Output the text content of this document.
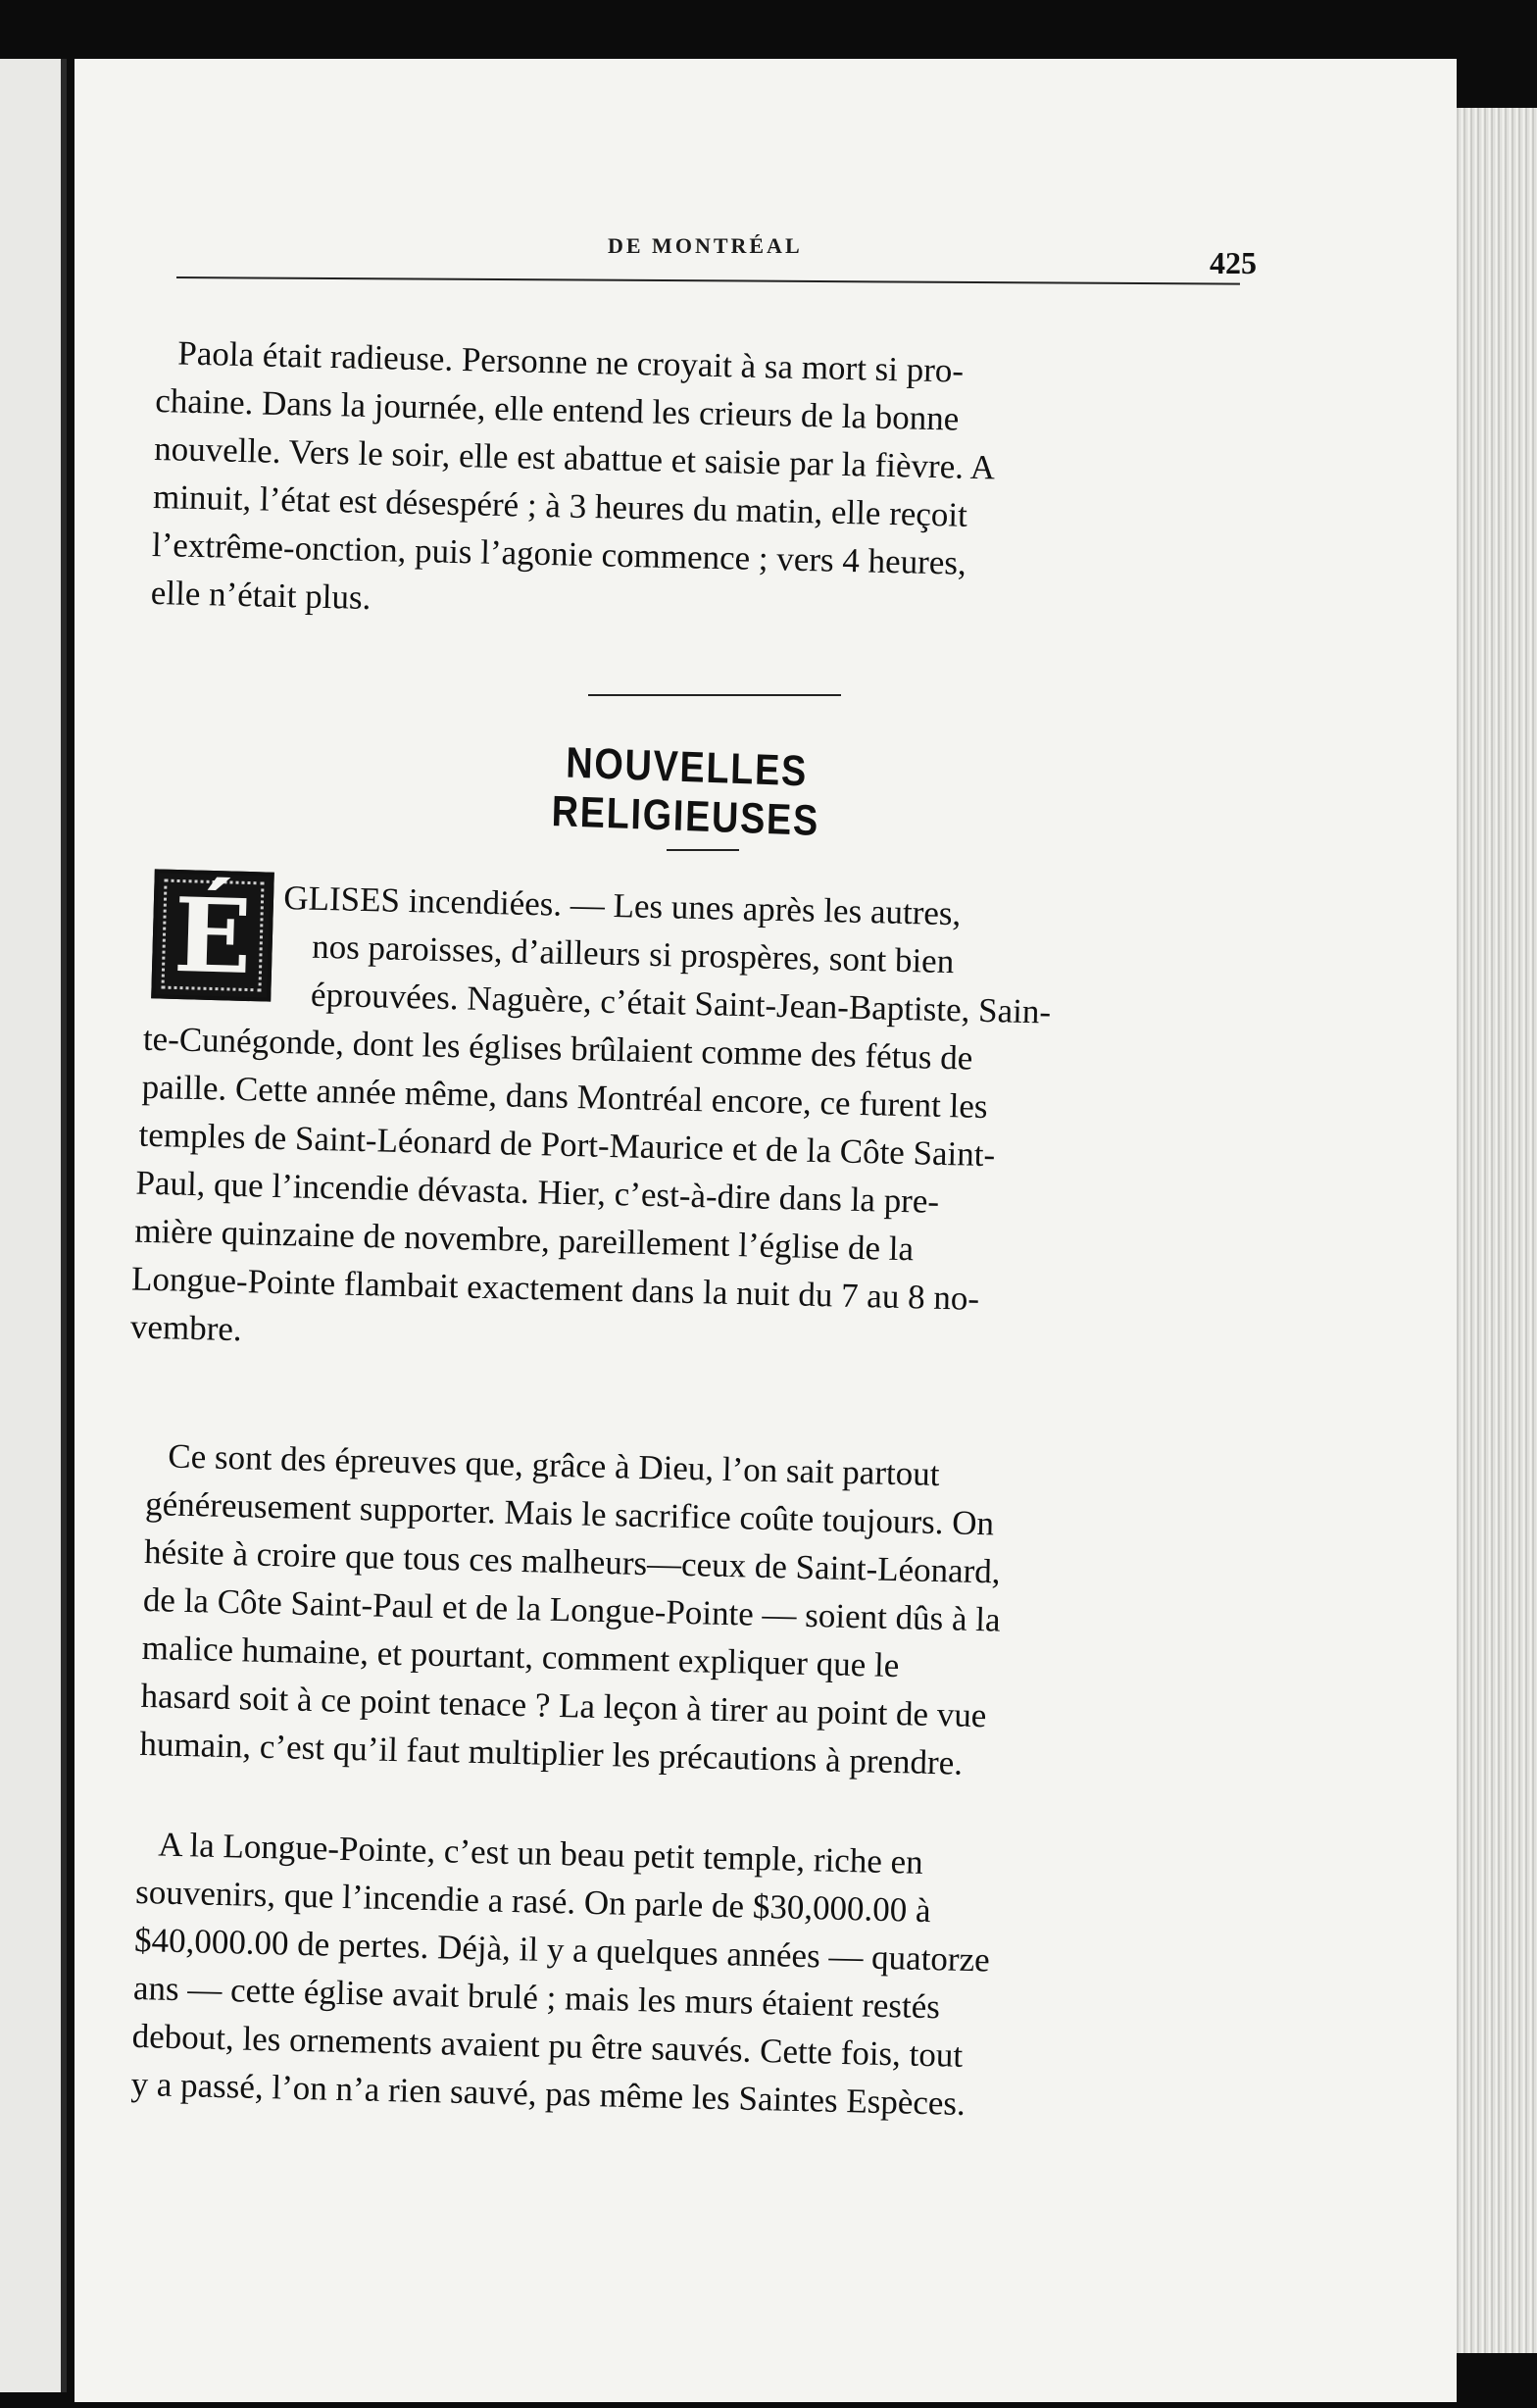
DE MONTRÉAL	425

Paola était radieuse. Personne ne croyait à sa mort si pro-

chaine. Dans la journée, elle entend les crieurs de la bonne

nouvelle. Vers le soir, elle est abattue et saisie par la fièvre. A

minuit, l’état est désespéré ; à 3 heures du matin, elle reçoit

l’extrême-onction, puis l’agonie commence ; vers 4 heures,

elle n’était plus.

NOUVELLES RELIGIEUSES
É GLISES incendiées. — Les unes après les autres,

nos paroisses, d’ailleurs si prospères, sont bien

éprouvées. Naguère, c’était Saint-Jean-Baptiste, Sain-

te-Cunégonde, dont les églises brûlaient comme des fétus de

paille. Cette année même, dans Montréal encore, ce furent les

temples de Saint-Léonard de Port-Maurice et de la Côte Saint-

Paul, que l’incendie dévasta. Hier, c’est-à-dire dans la pre-

mière quinzaine de novembre, pareillement l’église de la

Longue-Pointe flambait exactement dans la nuit du 7 au 8 no-

vembre.

Ce sont des épreuves que, grâce à Dieu, l’on sait partout

généreusement supporter. Mais le sacrifice coûte toujours. On

hésite à croire que tous ces malheurs—ceux de Saint-Léonard,

de la Côte Saint-Paul et de la Longue-Pointe — soient dûs à la

malice humaine, et pourtant, comment expliquer que le

hasard soit à ce point tenace ? La leçon à tirer au point de vue

humain, c’est qu’il faut multiplier les précautions à prendre.

A la Longue-Pointe, c’est un beau petit temple, riche en

souvenirs, que l’incendie a rasé. On parle de $30,000.00 à

$40,000.00 de pertes. Déjà, il y a quelques années — quatorze

ans — cette église avait brulé ; mais les murs étaient restés

debout, les ornements avaient pu être sauvés. Cette fois, tout

y a passé, l’on n’a rien sauvé, pas même les Saintes Espèces.
